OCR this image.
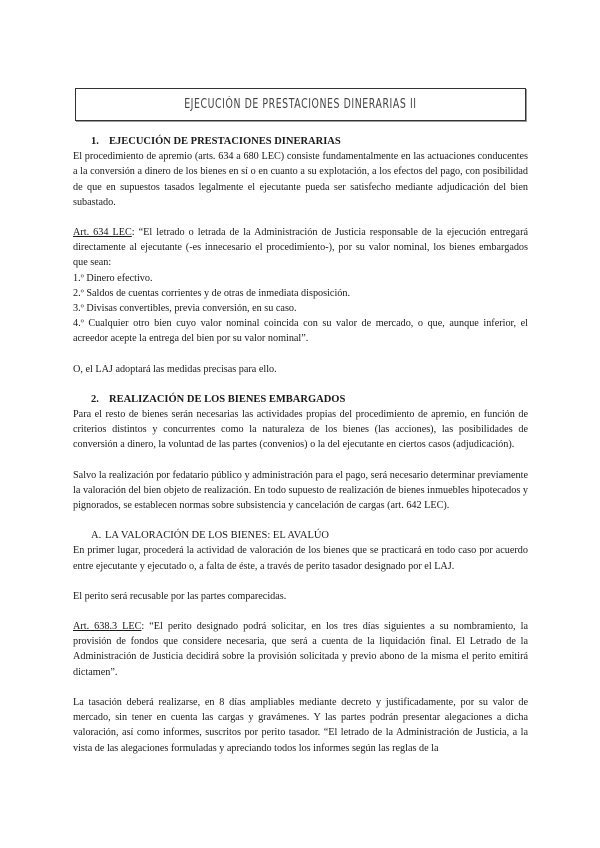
EJECUCIÓN DE PRESTACIONES DINERARIAS II
1. EJECUCIÓN DE PRESTACIONES DINERARIAS
El procedimiento de apremio (arts. 634 a 680 LEC) consiste fundamentalmente en las actuaciones conducentes a la conversión a dinero de los bienes en sí o en cuanto a su explotación, a los efectos del pago, con posibilidad de que en supuestos tasados legalmente el ejecutante pueda ser satisfecho mediante adjudicación del bien subastado.
Art. 634 LEC: “El letrado o letrada de la Administración de Justicia responsable de la ejecución entregará directamente al ejecutante (-es innecesario el procedimiento-), por su valor nominal, los bienes embargados que sean:
1.º Dinero efectivo.
2.º Saldos de cuentas corrientes y de otras de inmediata disposición.
3.º Divisas convertibles, previa conversión, en su caso.
4.º Cualquier otro bien cuyo valor nominal coincida con su valor de mercado, o que, aunque inferior, el acreedor acepte la entrega del bien por su valor nominal”.
O, el LAJ adoptará las medidas precisas para ello.
2. REALIZACIÓN DE LOS BIENES EMBARGADOS
Para el resto de bienes serán necesarias las actividades propias del procedimiento de apremio, en función de criterios distintos y concurrentes como la naturaleza de los bienes (las acciones), las posibilidades de conversión a dinero, la voluntad de las partes (convenios) o la del ejecutante en ciertos casos (adjudicación).
Salvo la realización por fedatario público y administración para el pago, será necesario determinar previamente la valoración del bien objeto de realización. En todo supuesto de realización de bienes inmuebles hipotecados y pignorados, se establecen normas sobre subsistencia y cancelación de cargas (art. 642 LEC).
A. LA VALORACIÓN DE LOS BIENES: EL AVALÚO
En primer lugar, procederá la actividad de valoración de los bienes que se practicará en todo caso por acuerdo entre ejecutante y ejecutado o, a falta de éste, a través de perito tasador designado por el LAJ.
El perito será recusable por las partes comparecidas.
Art. 638.3 LEC: “El perito designado podrá solicitar, en los tres días siguientes a su nombramiento, la provisión de fondos que considere necesaria, que será a cuenta de la liquidación final. El Letrado de la Administración de Justicia decidirá sobre la provisión solicitada y previo abono de la misma el perito emitirá dictamen”.
La tasación deberá realizarse, en 8 días ampliables mediante decreto y justificadamente, por su valor de mercado, sin tener en cuenta las cargas y gravámenes. Y las partes podrán presentar alegaciones a dicha valoración, así como informes, suscritos por perito tasador. “El letrado de la Administración de Justicia, a la vista de las alegaciones formuladas y apreciando todos los informes según las reglas de la
